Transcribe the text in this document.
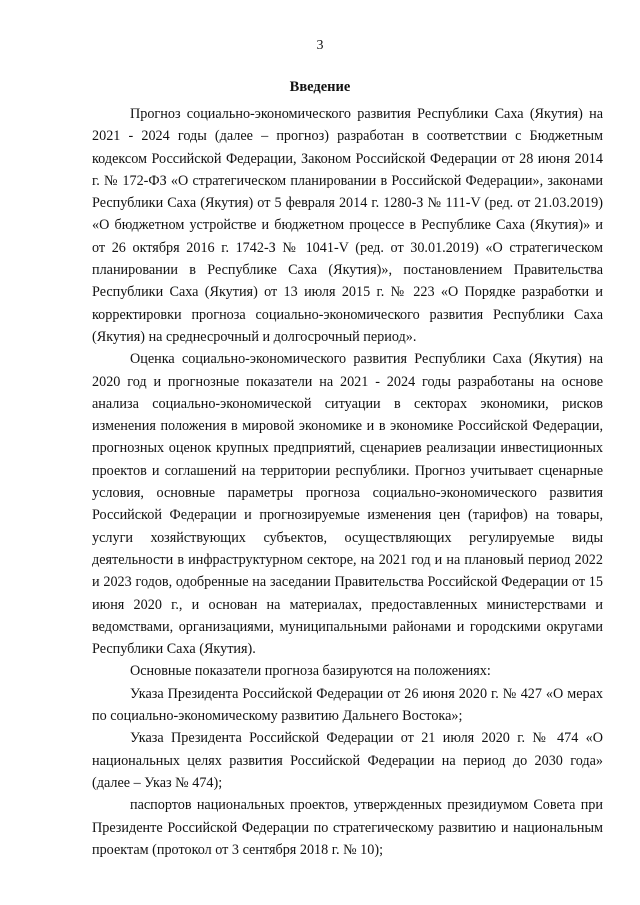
3
Введение

Прогноз социально-экономического развития Республики Саха (Якутия) на 2021 - 2024 годы (далее – прогноз) разработан в соответствии с Бюджетным кодексом Российской Федерации, Законом Российской Федерации от 28 июня 2014 г. № 172-ФЗ «О стратегическом планировании в Российской Федерации», законами Республики Саха (Якутия) от 5 февраля 2014 г. 1280-З № 111-V (ред. от 21.03.2019) «О бюджетном устройстве и бюджетном процессе в Республике Саха (Якутия)» и от 26 октября 2016 г. 1742-З № 1041-V (ред. от 30.01.2019) «О стратегическом планировании в Республике Саха (Якутия)», постановлением Правительства Республики Саха (Якутия) от 13 июля 2015 г. № 223 «О Порядке разработки и корректировки прогноза социально-экономического развития Республики Саха (Якутия) на среднесрочный и долгосрочный период».

Оценка социально-экономического развития Республики Саха (Якутия) на 2020 год и прогнозные показатели на 2021 - 2024 годы разработаны на основе анализа социально-экономической ситуации в секторах экономики, рисков изменения положения в мировой экономике и в экономике Российской Федерации, прогнозных оценок крупных предприятий, сценариев реализации инвестиционных проектов и соглашений на территории республики. Прогноз учитывает сценарные условия, основные параметры прогноза социально-экономического развития Российской Федерации и прогнозируемые изменения цен (тарифов) на товары, услуги хозяйствующих субъектов, осуществляющих регулируемые виды деятельности в инфраструктурном секторе, на 2021 год и на плановый период 2022 и 2023 годов, одобренные на заседании Правительства Российской Федерации от 15 июня 2020 г., и основан на материалах, предоставленных министерствами и ведомствами, организациями, муниципальными районами и городскими округами Республики Саха (Якутия).

Основные показатели прогноза базируются на положениях:

Указа Президента Российской Федерации от 26 июня 2020 г. № 427 «О мерах по социально-экономическому развитию Дальнего Востока»;

Указа Президента Российской Федерации от 21 июля 2020 г. № 474 «О национальных целях развития Российской Федерации на период до 2030 года» (далее – Указ № 474);

паспортов национальных проектов, утвержденных президиумом Совета при Президенте Российской Федерации по стратегическому развитию и национальным проектам (протокол от 3 сентября 2018 г. № 10);
